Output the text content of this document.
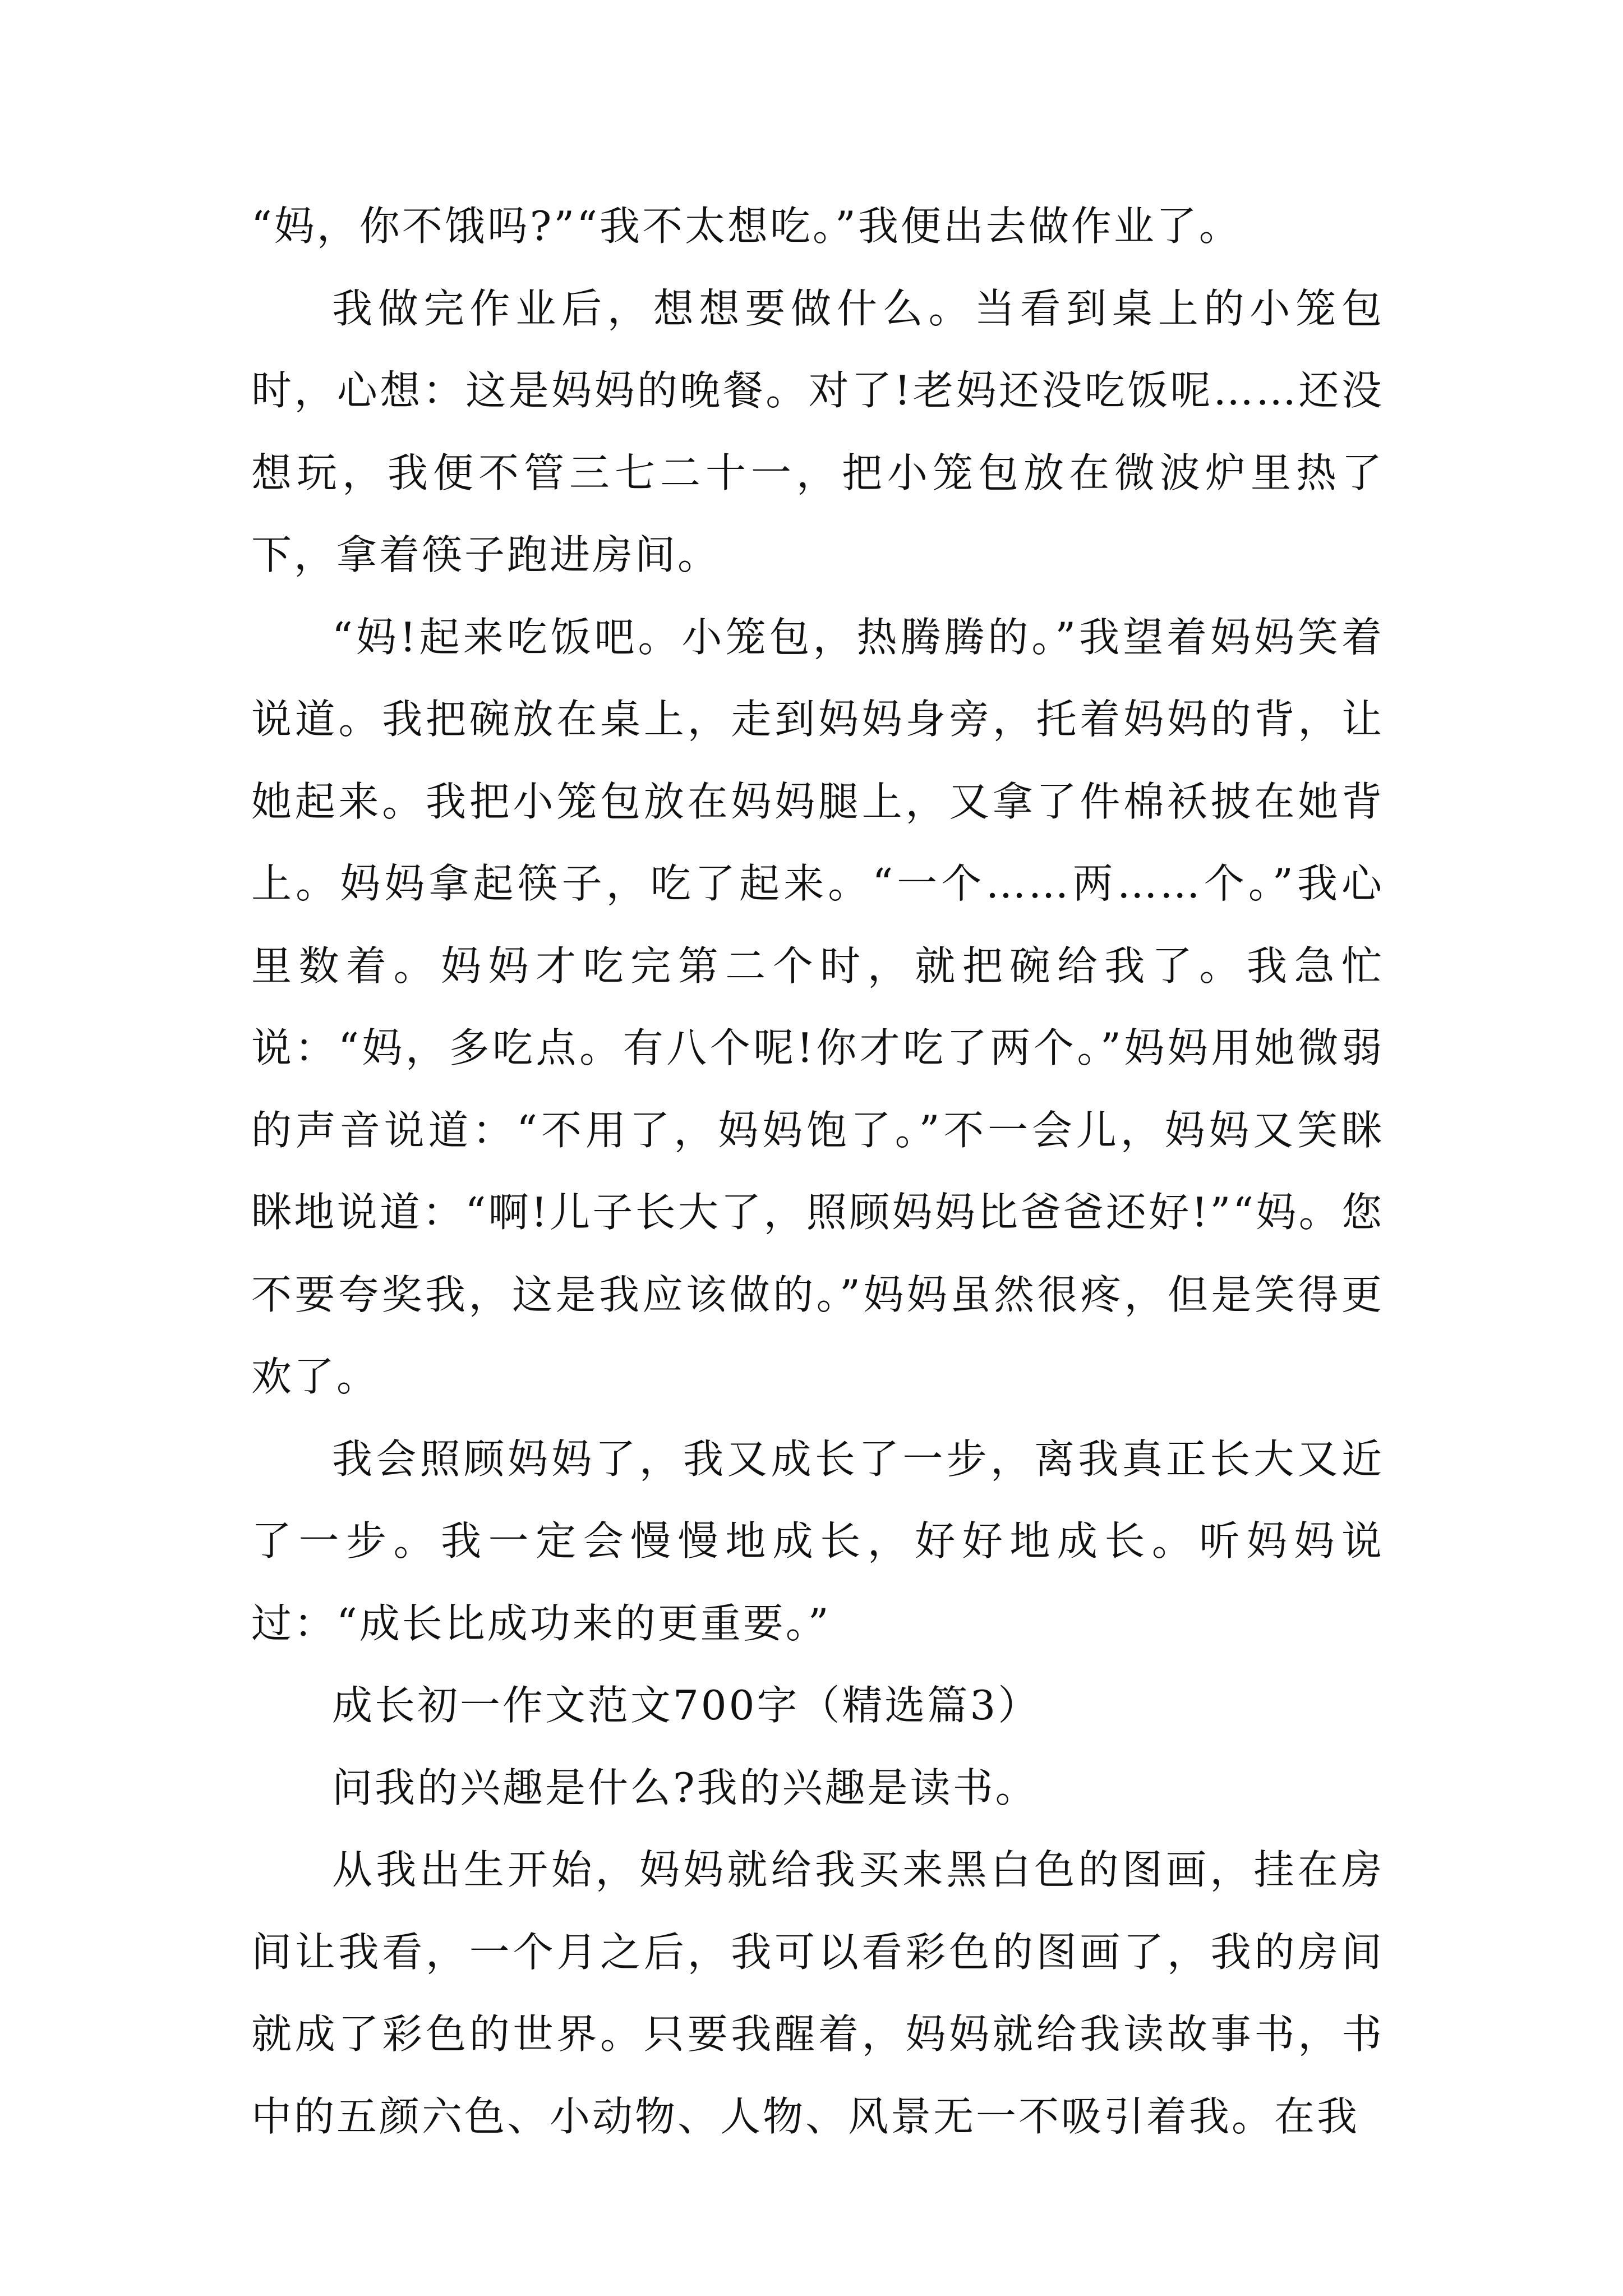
“妈，你不饿吗?”“我不太想吃。”我便出去做作业了。

我做完作业后，想想要做什么。当看到桌上的小笼包时，心想：这是妈妈的晚餐。对了!老妈还没吃饭呢……还没想玩，我便不管三七二十一，把小笼包放在微波炉里热了下，拿着筷子跑进房间。

“妈!起来吃饭吧。小笼包，热腾腾的。”我望着妈妈笑着说道。我把碗放在桌上，走到妈妈身旁，托着妈妈的背，让她起来。我把小笼包放在妈妈腿上，又拿了件棉袄披在她背上。妈妈拿起筷子，吃了起来。“一个……两……个。”我心里数着。妈妈才吃完第二个时，就把碗给我了。我急忙说：“妈，多吃点。有八个呢!你才吃了两个。”妈妈用她微弱的声音说道：“不用了，妈妈饱了。”不一会儿，妈妈又笑眯眯地说道：“啊!儿子长大了，照顾妈妈比爸爸还好!”“妈。您不要夸奖我，这是我应该做的。”妈妈虽然很疼，但是笑得更欢了。

我会照顾妈妈了，我又成长了一步，离我真正长大又近了一步。我一定会慢慢地成长，好好地成长。听妈妈说过：“成长比成功来的更重要。”

成长初一作文范文700字（精选篇3）

问我的兴趣是什么?我的兴趣是读书。

从我出生开始，妈妈就给我买来黑白色的图画，挂在房间让我看，一个月之后，我可以看彩色的图画了，我的房间就成了彩色的世界。只要我醒着，妈妈就给我读故事书，书中的五颜六色、小动物、人物、风景无一不吸引着我。在我
